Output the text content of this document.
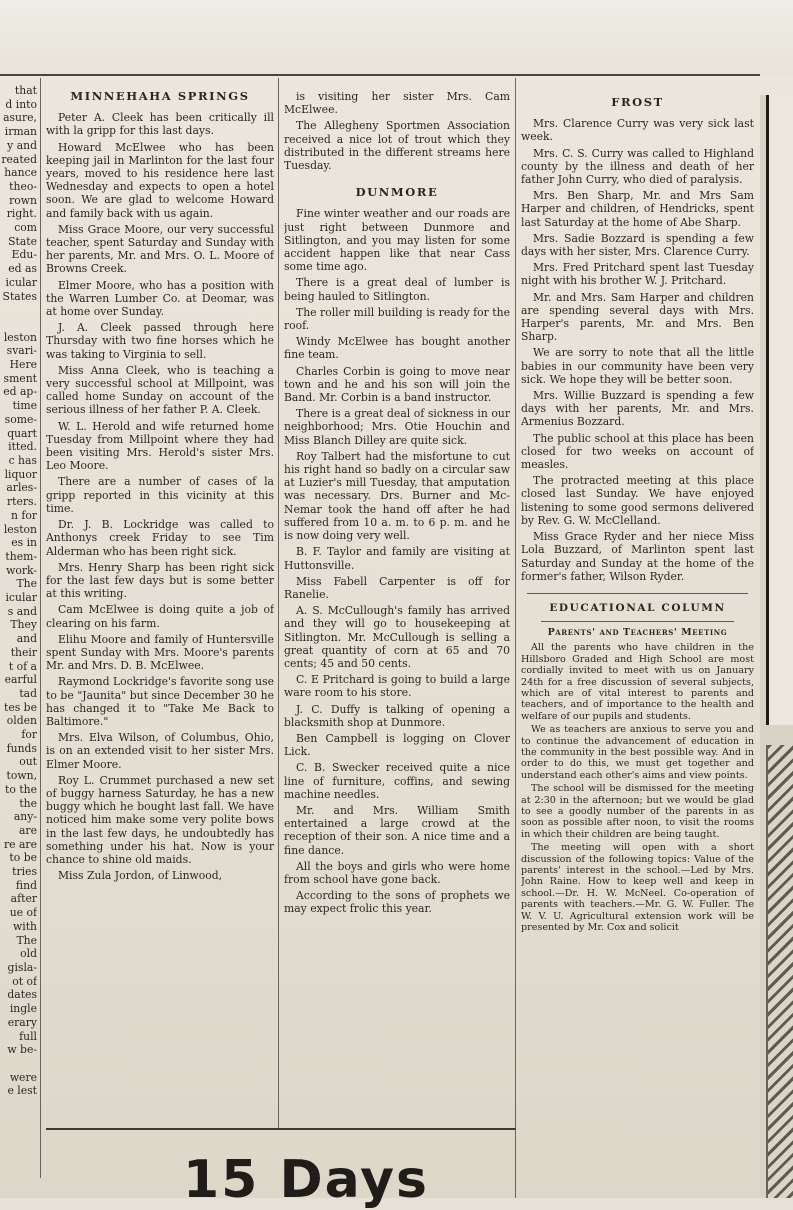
that
d into
asure,
irman
y and
reated
hance
theo-
rown
right.
com
State
Edu-
ed as
icular
States

leston
svari-
Here
sment
ed ap-
time
some-
quart
itted.
c has
liquor
arles-
rters.
n for
leston
es in
them-
work-
The
icular
s and
They
and
their
t of a
earful
tad
tes be
olden
for
funds
out
town,
to the
the
any-
are
re are
to be
tries
find
after
ue of
with
The
old
gisla-
ot of
dates
ingle
erary
full
w be-

were
e lest
MINNEHAHA SPRINGS

Peter A. Cleek has been critically ill with la gripp for this last days.

Howard McElwee who has been keeping jail in Marlinton for the last four years, moved to his residence here last Wednesday and expects to open a hotel soon. We are glad to welcome Howard and family back with us again.

Miss Grace Moore, our very successful teacher, spent Saturday and Sunday with her parents, Mr. and Mrs. O. L. Moore of Browns Creek.

Elmer Moore, who has a position with the Warren Lumber Co. at Deomar, was at home over Sunday.

J. A. Cleek passed through here Thursday with two fine horses which he was taking to Virginia to sell.

Miss Anna Cleek, who is teaching a very successful school at Millpoint, was called home Sunday on account of the serious illness of her father P. A. Cleek.

W. L. Herold and wife returned home Tuesday from Millpoint where they had been visiting Mrs. Herold's sister Mrs. Leo Moore.

There are a number of cases of la gripp reported in this vicinity at this time.

Dr. J. B. Lockridge was called to Anthonys creek Friday to see Tim Alderman who has been right sick.

Mrs. Henry Sharp has been right sick for the last few days but is some better at this writing.

Cam McElwee is doing quite a job of clearing on his farm.

Elihu Moore and family of Huntersville spent Sunday with Mrs. Moore's parents Mr. and Mrs. D. B. McElwee.

Raymond Lockridge's favorite song use to be "Jaunita" but since December 30 he has changed it to "Take Me Back to Baltimore."

Mrs. Elva Wilson, of Columbus, Ohio, is on an extended visit to her sister Mrs. Elmer Moore.

Roy L. Crummet purchased a new set of buggy harness Saturday, he has a new buggy which he bought last fall. We have noticed him make some very polite bows in the last few days, he undoubtedly has something under his hat. Now is your chance to shine old maids.

Miss Zula Jordon, of Linwood,

is visiting her sister Mrs. Cam McElwee.

The Allegheny Sportmen Association received a nice lot of trout which they distributed in the different streams here Tuesday.

DUNMORE

Fine winter weather and our roads are just right between Dunmore and Sitlington, and you may listen for some accident happen like that near Cass some time ago.

There is a great deal of lumber is being hauled to Sitlington.

The roller mill building is ready for the roof.

Windy McElwee has bought another fine team.

Charles Corbin is going to move near town and he and his son will join the Band. Mr. Corbin is a band instructor.

There is a great deal of sickness in our neighborhood; Mrs. Otie Houchin and Miss Blanch Dilley are quite sick.

Roy Talbert had the misfortune to cut his right hand so badly on a circular saw at Luzier's mill Tuesday, that amputation was necessary. Drs. Burner and Mc-Nemar took the hand off after he had suffered from 10 a. m. to 6 p. m. and he is now doing very well.

B. F. Taylor and family are visiting at Huttonsville.

Miss Fabell Carpenter is off for Ranelie.

A. S. McCullough's family has arrived and they will go to housekeeping at Sitlington. Mr. McCullough is selling a great quantity of corn at 65 and 70 cents; 45 and 50 cents.

C. E Pritchard is going to build a large ware room to his store.

J. C. Duffy is talking of opening a blacksmith shop at Dunmore.

Ben Campbell is logging on Clover Lick.

C. B. Swecker received quite a nice line of furniture, coffins, and sewing machine needles.

Mr. and Mrs. William Smith entertained a large crowd at the reception of their son. A nice time and a fine dance.

All the boys and girls who were home from school have gone back.

According to the sons of prophets we may expect frolic this year.

FROST

Mrs. Clarence Curry was very sick last week.

Mrs. C. S. Curry was called to Highland county by the illness and death of her father John Curry, who died of paralysis.

Mrs. Ben Sharp, Mr. and Mrs Sam Harper and children, of Hendricks, spent last Saturday at the home of Abe Sharp.

Mrs. Sadie Bozzard is spending a few days with her sister, Mrs. Clarence Curry.

Mrs. Fred Pritchard spent last Tuesday night with his brother W. J. Pritchard.

Mr. and Mrs. Sam Harper and children are spending several days with Mrs. Harper's parents, Mr. and Mrs. Ben Sharp.

We are sorry to note that all the little babies in our community have been very sick. We hope they will be better soon.

Mrs. Willie Buzzard is spending a few days with her parents, Mr. and Mrs. Armenius Bozzard.

The public school at this place has been closed for two weeks on account of measles.

The protracted meeting at this place closed last Sunday. We have enjoyed listening to some good sermons delivered by Rev. G. W. McClelland.

Miss Grace Ryder and her niece Miss Lola Buzzard, of Marlinton spent last Saturday and Sunday at the home of the former's father, Wilson Ryder.

EDUCATIONAL COLUMN
Parents' and Teachers' Meeting

All the parents who have children in the Hillsboro Graded and High School are most cordially invited to meet with us on January 24th for a free discussion of several subjects, which are of vital interest to parents and teachers, and of importance to the health and welfare of our pupils and students.

We as teachers are anxious to serve you and to continue the advancement of education in the community in the best possible way. And in order to do this, we must get together and understand each other's aims and view points.

The school will be dismissed for the meeting at 2:30 in the afternoon; but we would be glad to see a goodly number of the parents in as soon as possible after noon, to visit the rooms in which their children are being taught.

The meeting will open with a short discussion of the following topics: Value of the parents' interest in the school.—Led by Mrs. John Raine. How to keep well and keep in school.—Dr. H. W. McNeel. Co-operation of parents with teachers.—Mr. G. W. Fuller. The W. V. U. Agricultural extension work will be presented by Mr. Cox and solicit

15 Days
